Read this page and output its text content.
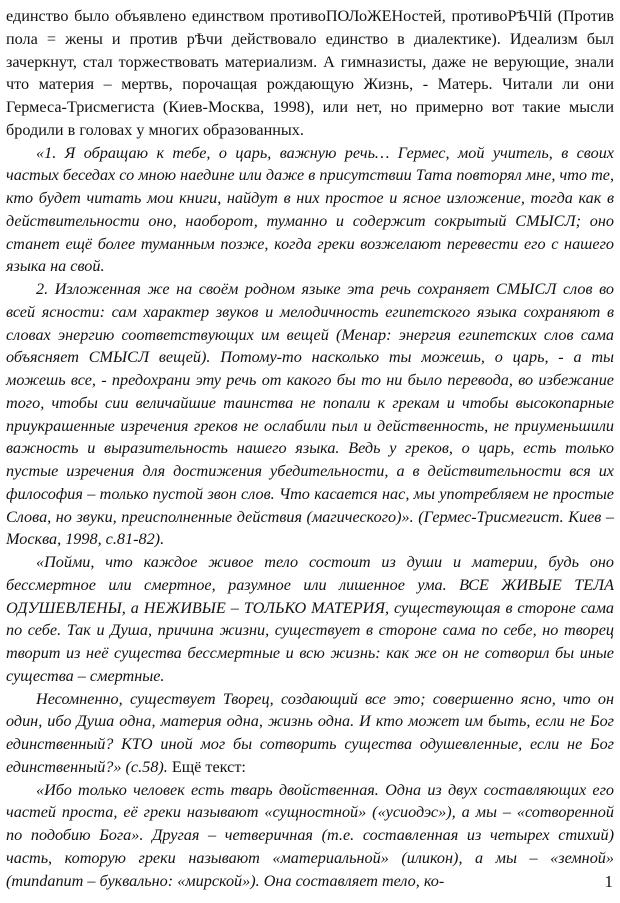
единство было объявлено единством противоПОЛоЖЕНостей, противоРѢЧІй (Против пола = жены и против рѢчи действовало единство в диалектике). Идеализм был зачеркнут, стал торжествовать материализм. А гимназисты, даже не верующие, знали что материя – мертвь, порочащая рождающую Жизнь, - Матерь. Читали ли они Гермеса-Трисмегиста (Киев-Москва, 1998), или нет, но примерно вот такие мысли бродили в головах у многих образованных.

«1. Я обращаю к тебе, о царь, важную речь… Гермес, мой учитель, в своих частых беседах со мною наедине или даже в присутствии Тата повторял мне, что те, кто будет читать мои книги, найдут в них простое и ясное изложение, тогда как в действительности оно, наоборот, туманно и содержит сокрытый СМЫСЛ; оно станет ещё более туманным позже, когда греки возжелают перевести его с нашего языка на свой.

2. Изложенная же на своём родном языке эта речь сохраняет СМЫСЛ слов во всей ясности: сам характер звуков и мелодичность египетского языка сохраняют в словах энергию соответствующих им вещей (Менар: энергия египетских слов сама объясняет СМЫСЛ вещей). Потому-то насколько ты можешь, о царь, - а ты можешь все, - предохрани эту речь от какого бы то ни было перевода, во избежание того, чтобы сии величайшие таинства не попали к грекам и чтобы высокопарные приукрашенные изречения греков не ослабили пыл и действенность, не приуменьшили важность и выразительность нашего языка. Ведь у греков, о царь, есть только пустые изречения для достижения убедительности, а в действительности вся их философия – только пустой звон слов. Что касается нас, мы употребляем не простые Слова, но звуки, преисполненные действия (магического)». (Гермес-Трисмегист. Киев – Москва, 1998, с.81-82).

«Пойми, что каждое живое тело состоит из души и материи, будь оно бессмертное или смертное, разумное или лишенное ума. ВСЕ ЖИВЫЕ ТЕЛА ОДУШЕВЛЕНЫ, а НЕЖИВЫЕ – ТОЛЬКО МАТЕРИЯ, существующая в стороне сама по себе. Так и Душа, причина жизни, существует в стороне сама по себе, но творец творит из неё существа бессмертные и всю жизнь: как же он не сотворил бы иные существа – смертные.

Несомненно, существует Творец, создающий все это; совершенно ясно, что он один, ибо Душа одна, материя одна, жизнь одна. И кто может им быть, если не Бог единственный? КТО иной мог бы сотворить существа одушевленные, если не Бог единственный?» (с.58). Ещё текст:

«Ибо только человек есть тварь двойственная. Одна из двух составляющих его частей проста, её греки называют «сущностной» («усиодэс»), а мы – «сотворенной по подобию Бога». Другая – четверичная (т.е. составленная из четырех стихий) часть, которую греки называют «материальной» (иликон), а мы – «земной» (mundanum – буквально: «мирской»). Она составляет тело, ко-	1
